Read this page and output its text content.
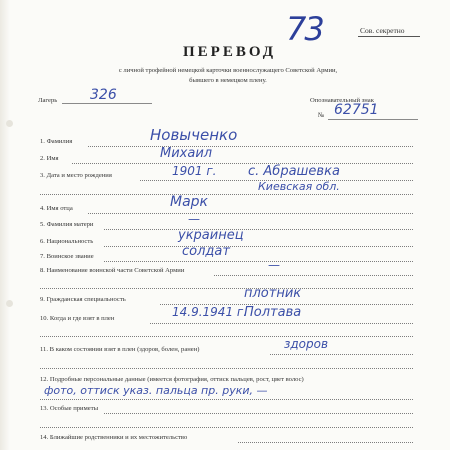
73	Сов. секретно
ПЕРЕВОД
с личной трофейной немецкой карточки военнослужащего Советской Армии,
бывшего в немецком плену.
Лагерь 326	Опознавательный знак
№ 62751
1. Фамилия	Новыченко
2. Имя	Михаил
3. Дата и место рождения	1901 г. с. Абрашевка
Киевская обл.
4. Имя отца	Марк
5. Фамилия матери	—
6. Национальность	украинец
7. Воинское звание	солдат
8. Наименование воинской части Советской Армии	—
9. Гражданская специальность	плотник
10. Когда и где взят в плен	14.9.1941 г.
Полтава
11. В каком состоянии взят в плен (здоров, болен, ранен)	здоров
12. Подробные персональные данные (имеется фотография, оттиск пальцев, рост, цвет волос)
фото, оттиск указ. пальца пр. руки, —
13. Особые приметы
14. Ближайшие родственники и их местожительство
